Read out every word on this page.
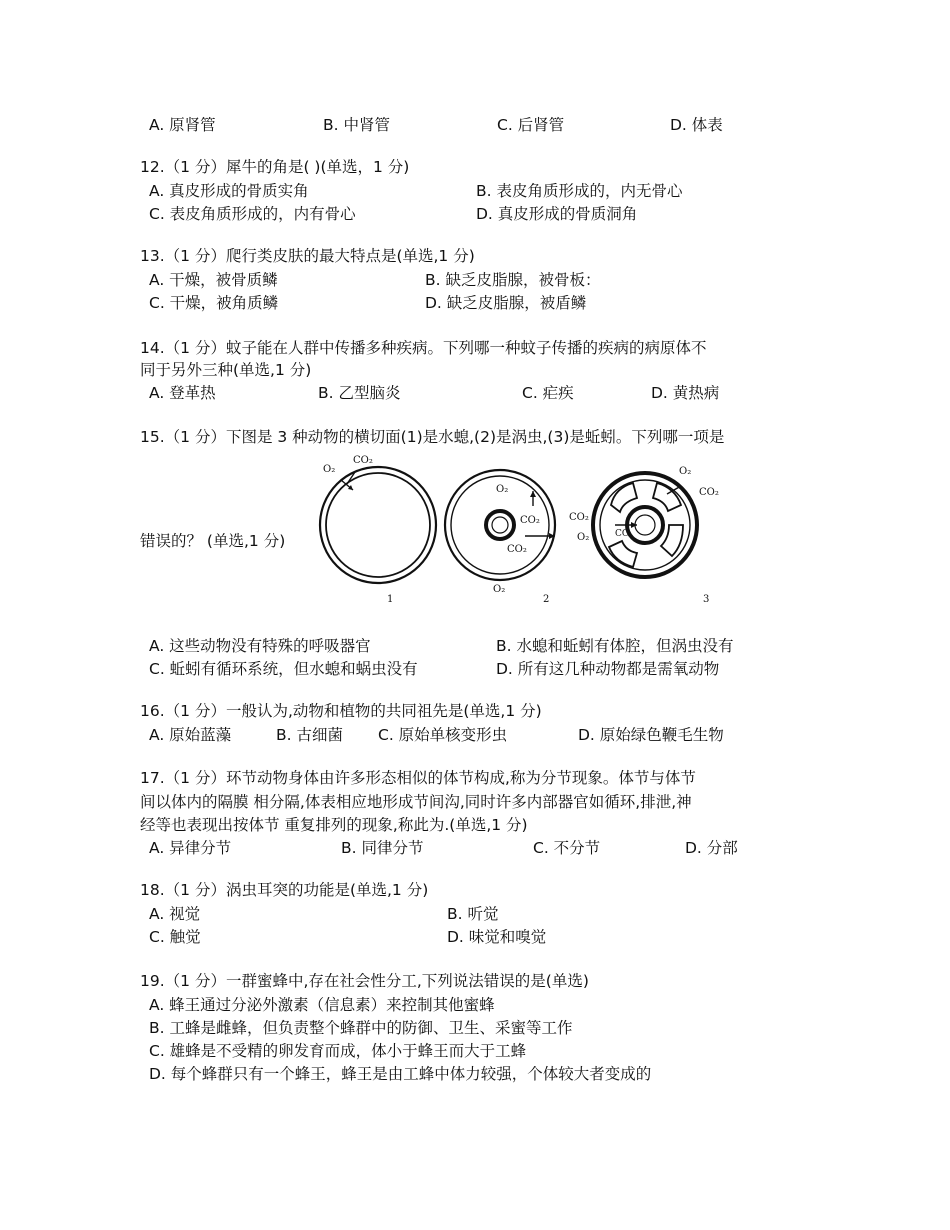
A. 原肾管	B. 中肾管	C. 后肾管	D. 体表
12.（1 分）犀牛的角是( )(单选，1 分)
A. 真皮形成的骨质实角	B. 表皮角质形成的，内无骨心
C. 表皮角质形成的，内有骨心	D. 真皮形成的骨质洞角
13.（1 分）爬行类皮肤的最大特点是(单选,1 分)
A. 干燥，被骨质鳞	B. 缺乏皮脂腺，被骨板：
C. 干燥，被角质鳞	D. 缺乏皮脂腺，被盾鳞
14.（1 分）蚊子能在人群中传播多种疾病。下列哪一种蚊子传播的疾病的病原体不
同于另外三种(单选,1 分)
A. 登革热	B. 乙型脑炎	C. 疟疾	D. 黄热病
15.（1 分）下图是 3 种动物的横切面(1)是水螅,(2)是涡虫,(3)是蚯蚓。下列哪一项是
错误的？ (单选,1 分)
O₂
CO₂
1
O₂
CO₂
CO₂
O₂
2
O₂
CO₂
CO₂
O₂	CO
3
A. 这些动物没有特殊的呼吸器官	B. 水螅和蚯蚓有体腔，但涡虫没有
C. 蚯蚓有循环系统，但水螅和蜗虫没有	D. 所有这几种动物都是需氧动物
16.（1 分）一般认为,动物和植物的共同祖先是(单选,1 分)
A. 原始蓝藻	B. 古细菌 C. 原始单核变形虫	D. 原始绿色鞭毛生物
17.（1 分）环节动物身体由许多形态相似的体节构成,称为分节现象。体节与体节
间以体内的隔膜 相分隔,体表相应地形成节间沟,同时许多内部器官如循环,排泄,神
经等也表现出按体节 重复排列的现象,称此为.(单选,1 分)
A. 异律分节	B. 同律分节	C. 不分节	D. 分部
18.（1 分）涡虫耳突的功能是(单选,1 分)
A. 视觉	B. 听觉
C. 触觉	D. 味觉和嗅觉
19.（1 分）一群蜜蜂中,存在社会性分工,下列说法错误的是(单选)
A. 蜂王通过分泌外激素（信息素）来控制其他蜜蜂
B. 工蜂是雌蜂，但负责整个蜂群中的防御、卫生、采蜜等工作
C. 雄蜂是不受精的卵发育而成，体小于蜂王而大于工蜂
D. 每个蜂群只有一个蜂王，蜂王是由工蜂中体力较强，个体较大者变成的
